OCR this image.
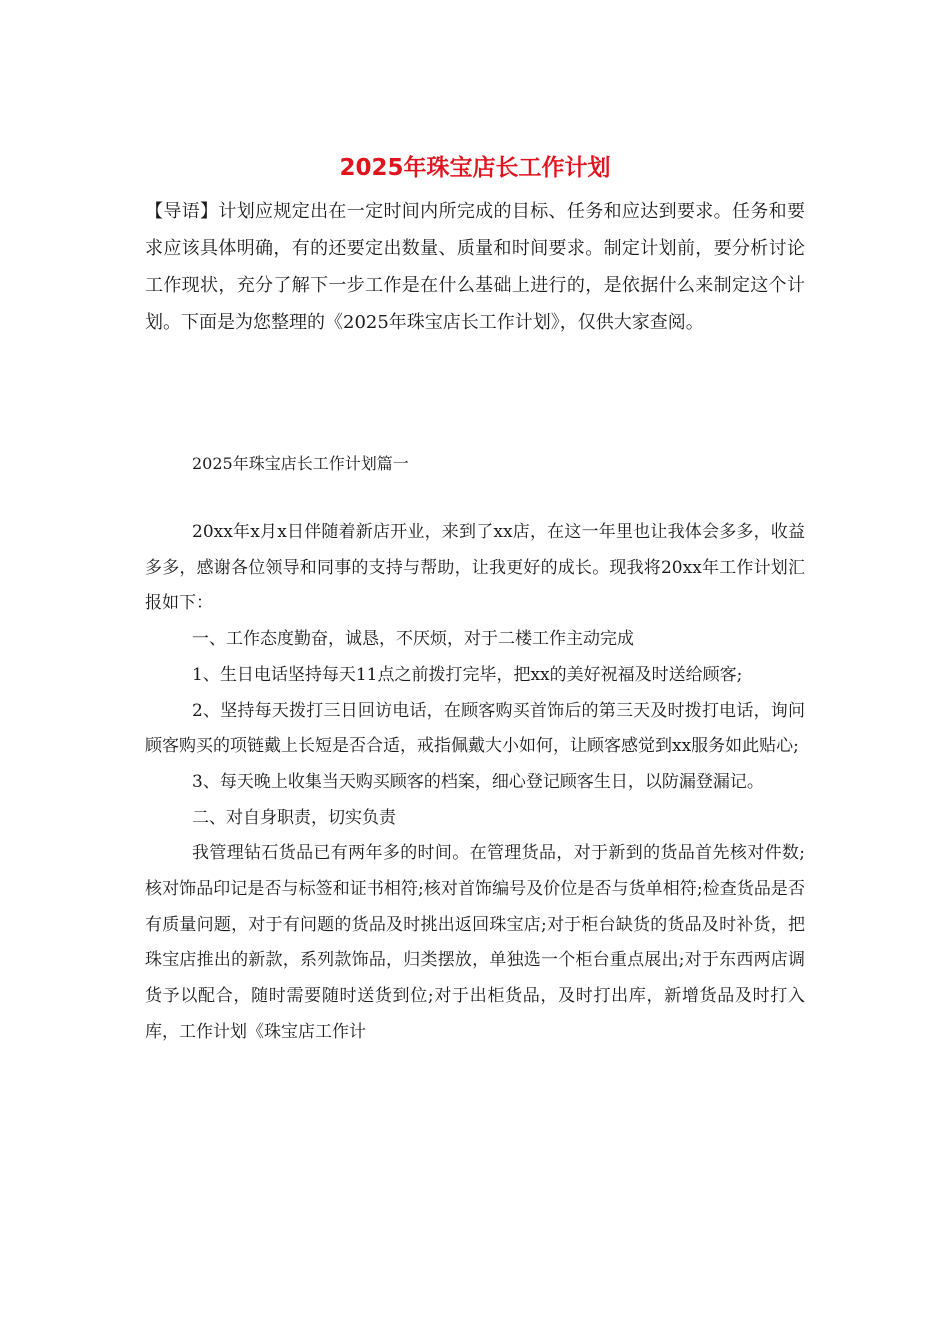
2025年珠宝店长工作计划

【导语】计划应规定出在一定时间内所完成的目标、任务和应达到要求。任务和要求应该具体明确，有的还要定出数量、质量和时间要求。制定计划前，要分析讨论工作现状，充分了解下一步工作是在什么基础上进行的，是依据什么来制定这个计划。下面是为您整理的《2025年珠宝店长工作计划》，仅供大家查阅。

2025年珠宝店长工作计划篇一

20xx年x月x日伴随着新店开业，来到了xx店，在这一年里也让我体会多多，收益多多，感谢各位领导和同事的支持与帮助，让我更好的成长。现我将20xx年工作计划汇报如下：

一、工作态度勤奋，诚恳，不厌烦，对于二楼工作主动完成

1、生日电话坚持每天11点之前拨打完毕，把xx的美好祝福及时送给顾客;

2、坚持每天拨打三日回访电话，在顾客购买首饰后的第三天及时拨打电话，询问顾客购买的项链戴上长短是否合适，戒指佩戴大小如何，让顾客感觉到xx服务如此贴心;

3、每天晚上收集当天购买顾客的档案，细心登记顾客生日，以防漏登漏记。

二、对自身职责，切实负责

我管理钻石货品已有两年多的时间。在管理货品，对于新到的货品首先核对件数;核对饰品印记是否与标签和证书相符;核对首饰编号及价位是否与货单相符;检查货品是否有质量问题，对于有问题的货品及时挑出返回珠宝店;对于柜台缺货的货品及时补货，把珠宝店推出的新款，系列款饰品，归类摆放，单独选一个柜台重点展出;对于东西两店调货予以配合，随时需要随时送货到位;对于出柜货品，及时打出库，新增货品及时打入库，工作计划《珠宝店工作计
